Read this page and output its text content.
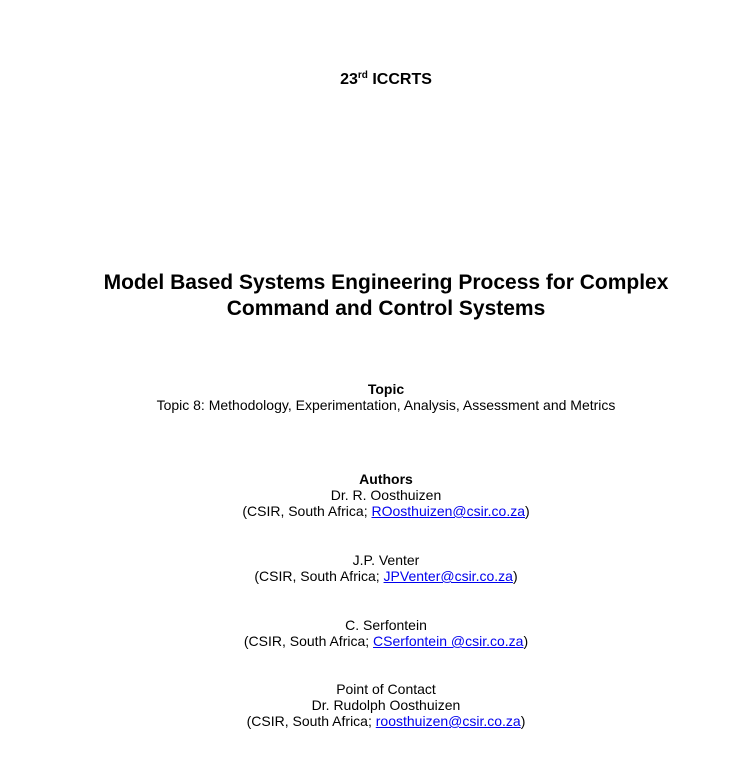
23rd ICCRTS
Model Based Systems Engineering Process for Complex
Command and Control Systems
Topic
Topic 8: Methodology, Experimentation, Analysis, Assessment and Metrics
Authors
Dr. R. Oosthuizen
(CSIR, South Africa; ROosthuizen@csir.co.za)
J.P. Venter
(CSIR, South Africa; JPVenter@csir.co.za)
C. Serfontein
(CSIR, South Africa; CSerfontein @csir.co.za)
Point of Contact
Dr. Rudolph Oosthuizen
(CSIR, South Africa; roosthuizen@csir.co.za)
